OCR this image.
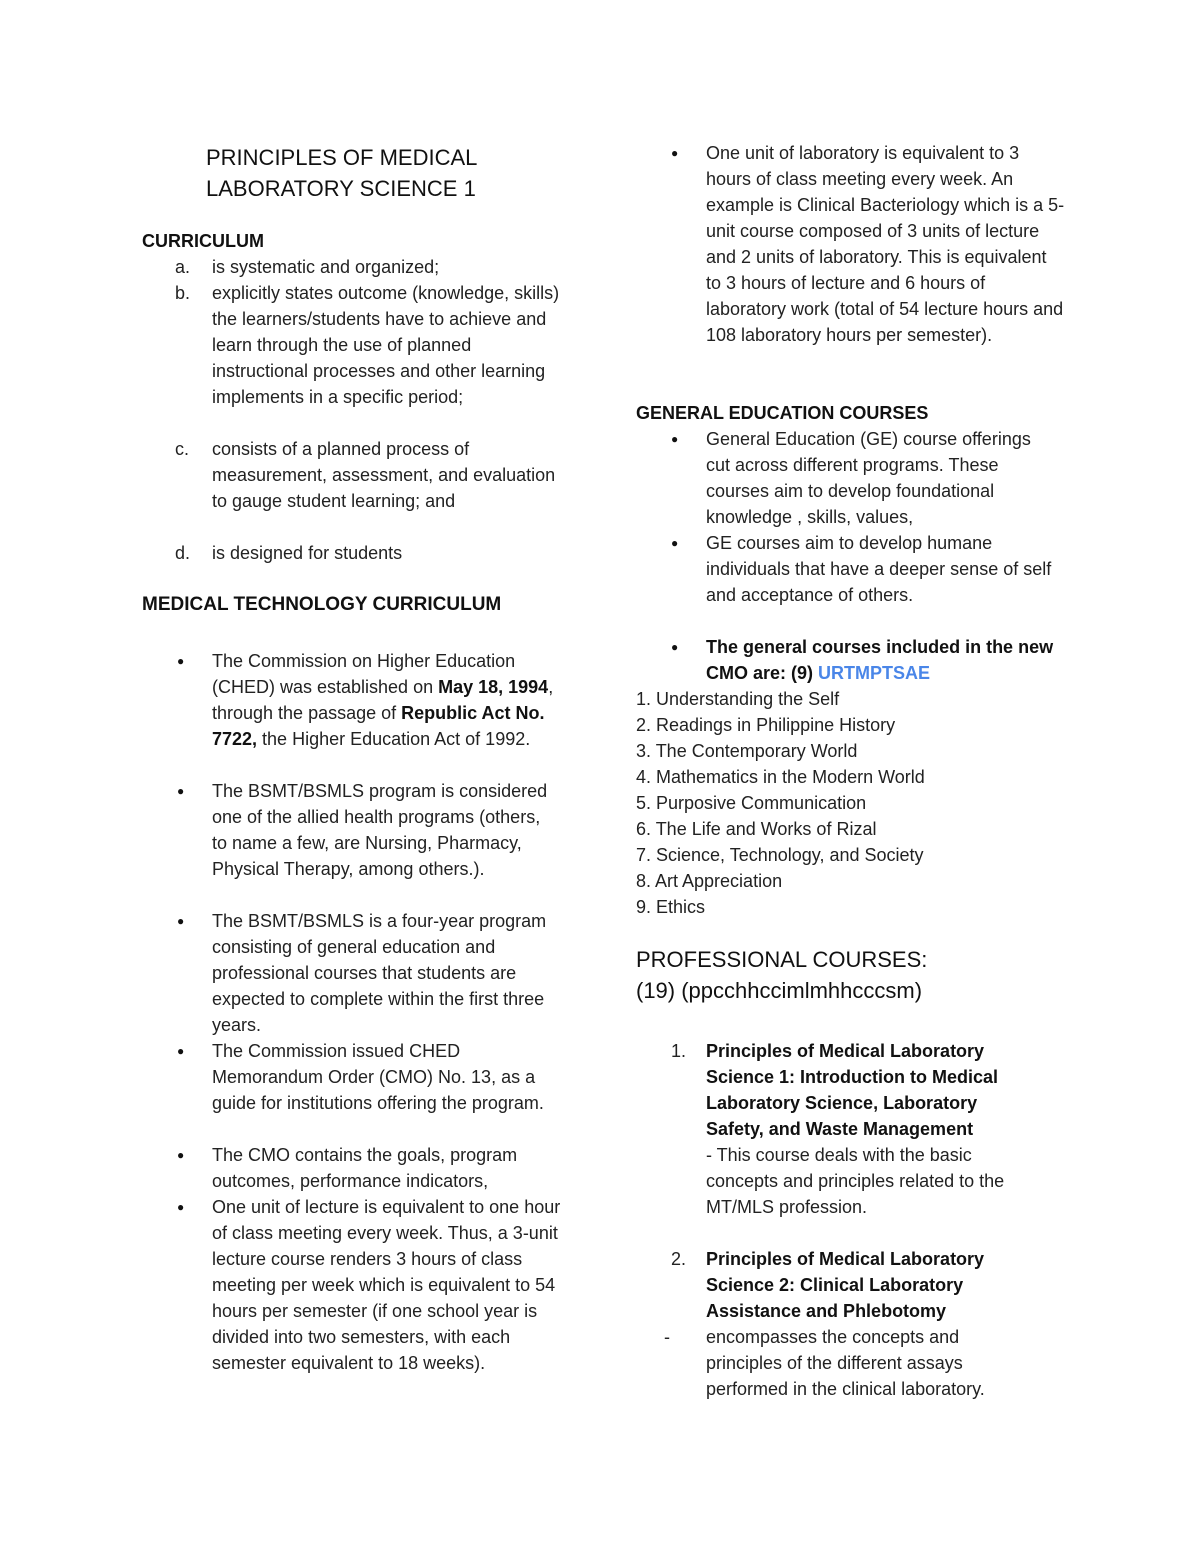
PRINCIPLES OF MEDICAL LABORATORY SCIENCE 1
CURRICULUM
a. is systematic and organized;
b. explicitly states outcome (knowledge, skills) the learners/students have to achieve and learn through the use of planned instructional processes and other learning implements in a specific period;
c. consists of a planned process of measurement, assessment, and evaluation to gauge student learning; and
d. is designed for students
MEDICAL TECHNOLOGY CURRICULUM
● The Commission on Higher Education (CHED) was established on May 18, 1994, through the passage of Republic Act No. 7722, the Higher Education Act of 1992.
● The BSMT/BSMLS program is considered one of the allied health programs (others, to name a few, are Nursing, Pharmacy, Physical Therapy, among others.).
● The BSMT/BSMLS is a four-year program consisting of general education and professional courses that students are expected to complete within the first three years.
● The Commission issued CHED Memorandum Order (CMO) No. 13, as a guide for institutions offering the program.
● The CMO contains the goals, program outcomes, performance indicators,
● One unit of lecture is equivalent to one hour of class meeting every week. Thus, a 3-unit lecture course renders 3 hours of class meeting per week which is equivalent to 54 hours per semester (if one school year is divided into two semesters, with each semester equivalent to 18 weeks).
● One unit of laboratory is equivalent to 3 hours of class meeting every week. An example is Clinical Bacteriology which is a 5-unit course composed of 3 units of lecture and 2 units of laboratory. This is equivalent to 3 hours of lecture and 6 hours of laboratory work (total of 54 lecture hours and 108 laboratory hours per semester).
GENERAL EDUCATION COURSES
● General Education (GE) course offerings cut across different programs. These courses aim to develop foundational knowledge , skills, values,
● GE courses aim to develop humane individuals that have a deeper sense of self and acceptance of others.
● The general courses included in the new CMO are: (9) URTMPTSAE
1. Understanding the Self
2. Readings in Philippine History
3. The Contemporary World
4. Mathematics in the Modern World
5. Purposive Communication
6. The Life and Works of Rizal
7. Science, Technology, and Society
8. Art Appreciation
9. Ethics
PROFESSIONAL COURSES: (19) (ppcchhccimlmhhcccsm)
1. Principles of Medical Laboratory Science 1: Introduction to Medical Laboratory Science, Laboratory Safety, and Waste Management
- This course deals with the basic concepts and principles related to the MT/MLS profession.
2. Principles of Medical Laboratory Science 2: Clinical Laboratory Assistance and Phlebotomy
- encompasses the concepts and principles of the different assays performed in the clinical laboratory.
